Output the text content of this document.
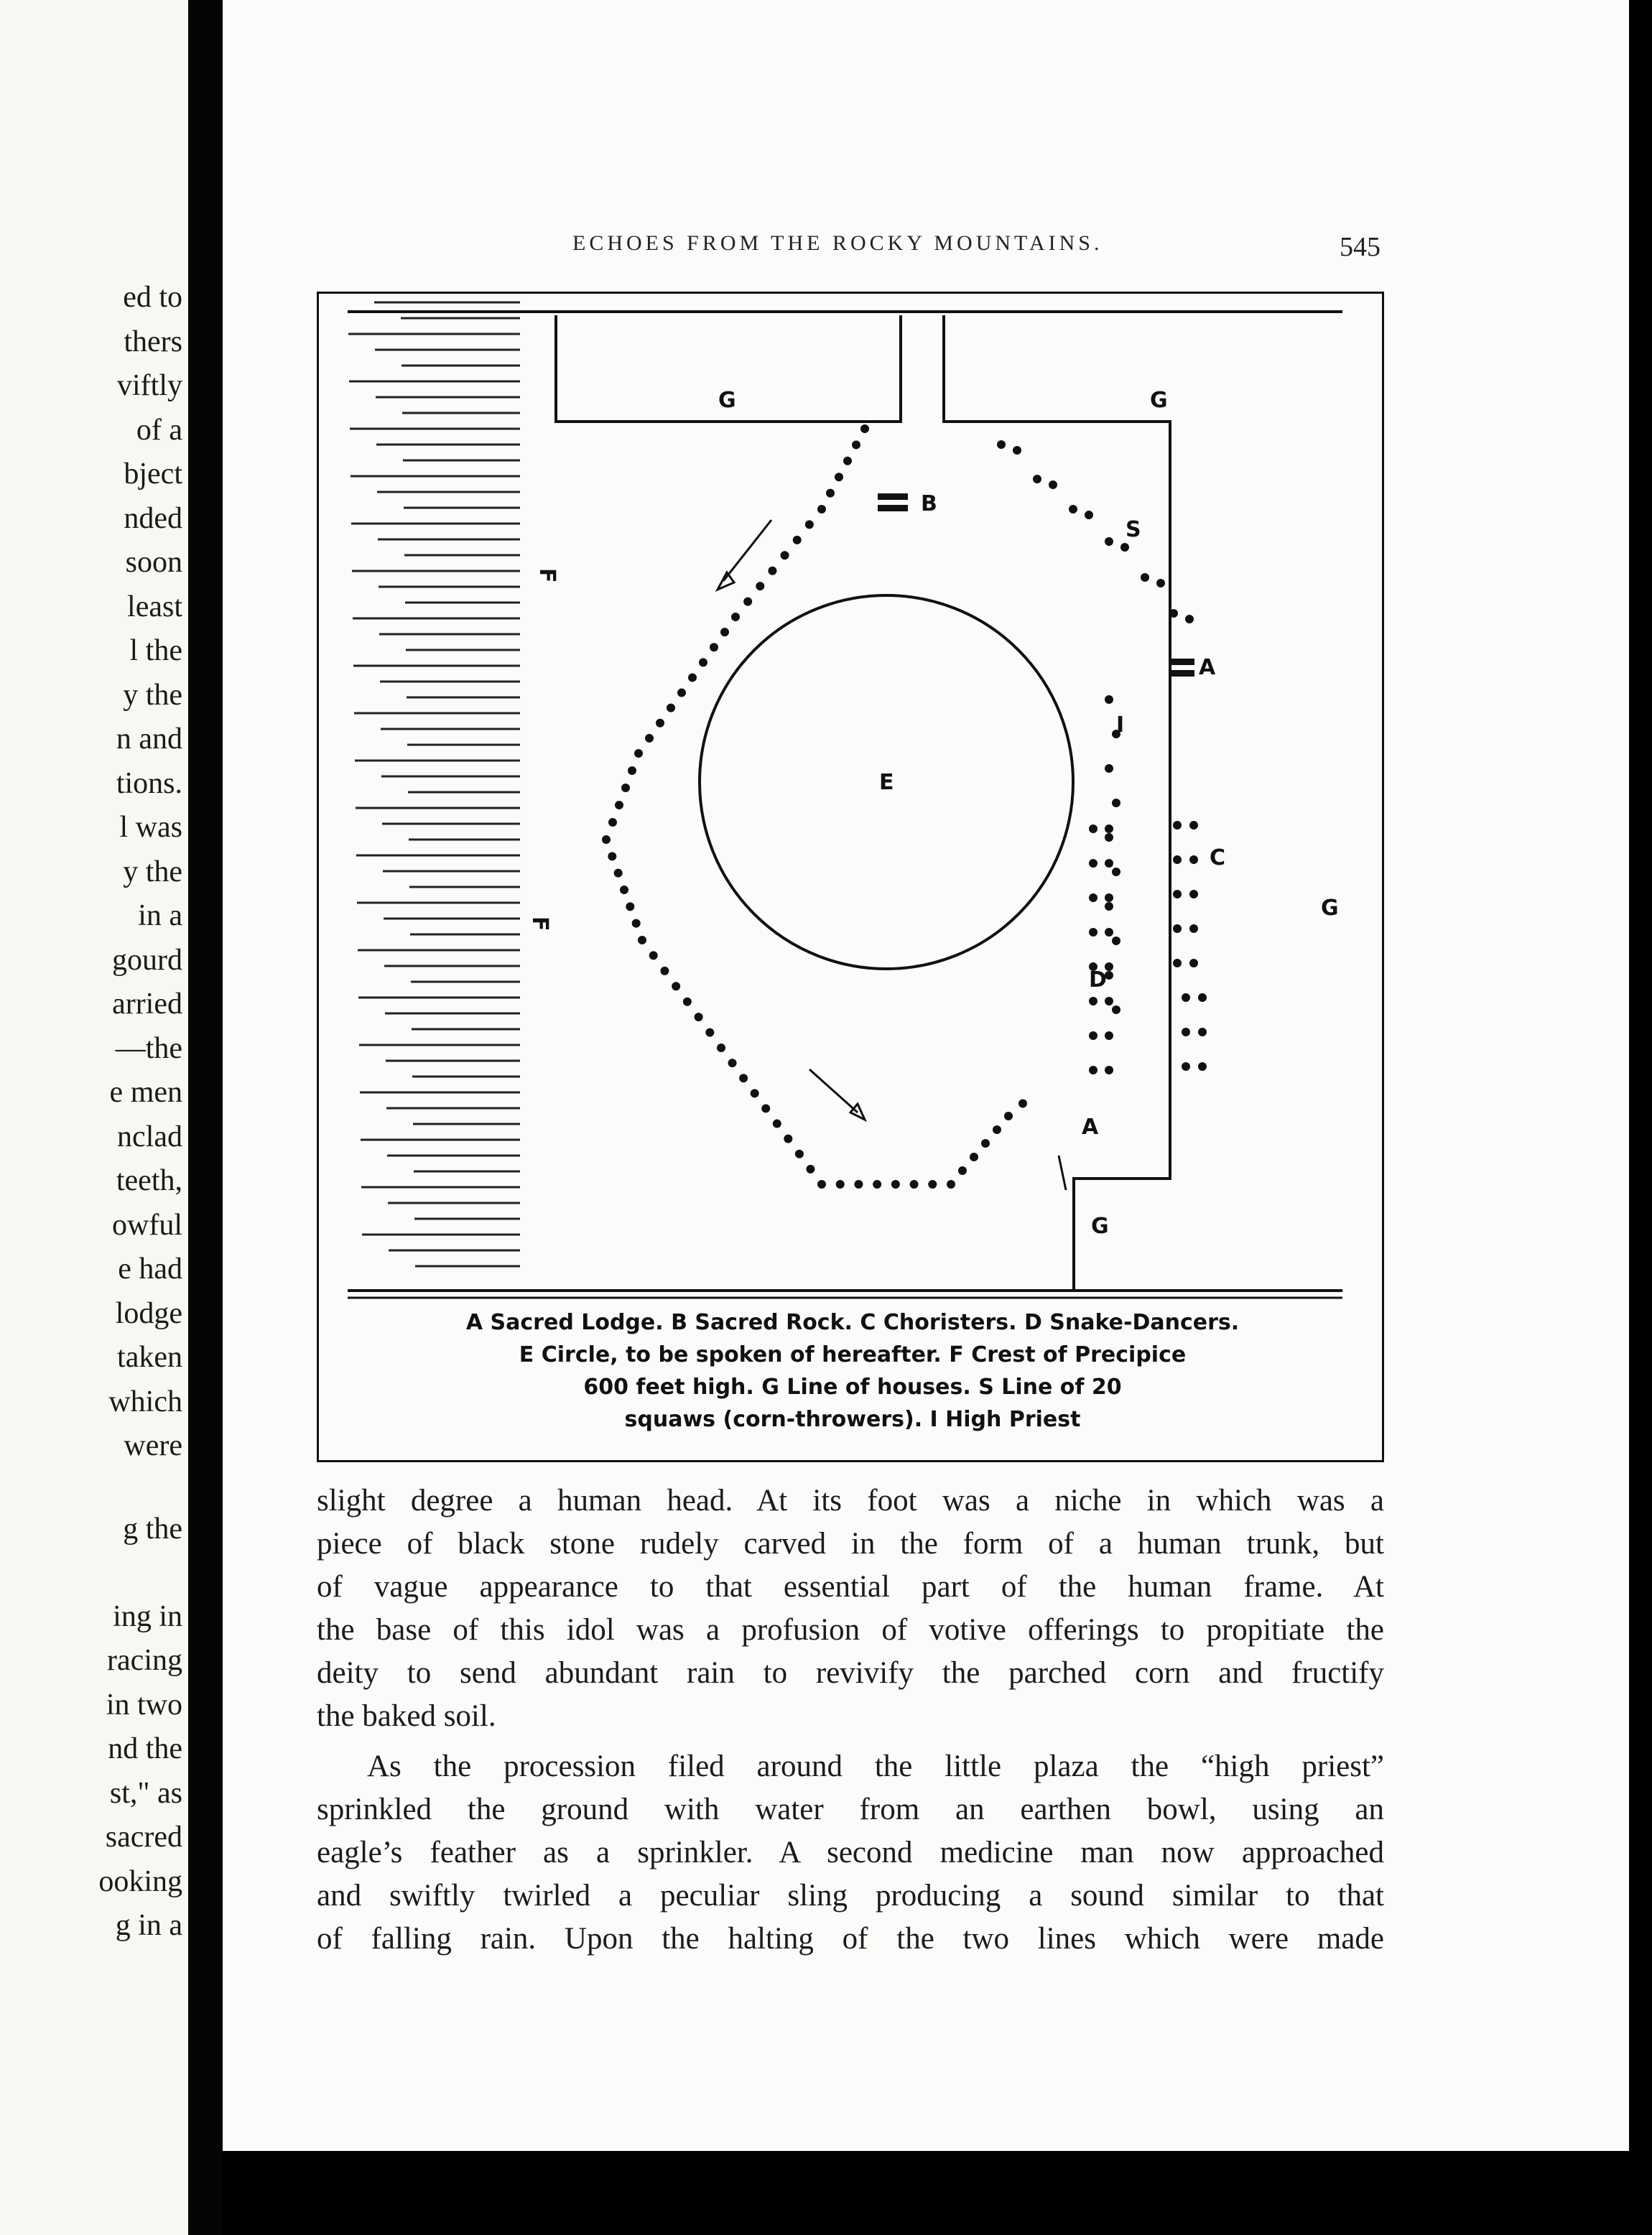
ed to
thers
viftly
of a
bject
nded
soon
least
l the
y the
n and
tions.
l was
y the
in a
gourd
arried
—the
e men
nclad
teeth,
owful
e had
lodge
taken
which
were
g the
ing in
racing
in two
nd the
st," as
sacred
ooking
g in a
ECHOES FROM THE ROCKY MOUNTAINS.	545
G	G
G
G
B
S
A
A
I
C
D
E
F
F
A Sacred Lodge. B Sacred Rock. C Choristers. D Snake-Dancers.
E Circle, to be spoken of hereafter. F Crest of Precipice
600 feet high. G Line of houses. S Line of 20
squaws (corn-throwers). I High Priest

slight degree a human head. At its foot was a niche in which was a

piece of black stone rudely carved in the form of a human trunk, but

of vague appearance to that essential part of the human frame. At

the base of this idol was a profusion of votive offerings to propitiate the

deity to send abundant rain to revivify the parched corn and fructify

the baked soil.

As the procession filed around the little plaza the “high priest”

sprinkled the ground with water from an earthen bowl, using an

eagle’s feather as a sprinkler. A second medicine man now approached

and swiftly twirled a peculiar sling producing a sound similar to that

of falling rain. Upon the halting of the two lines which were made
